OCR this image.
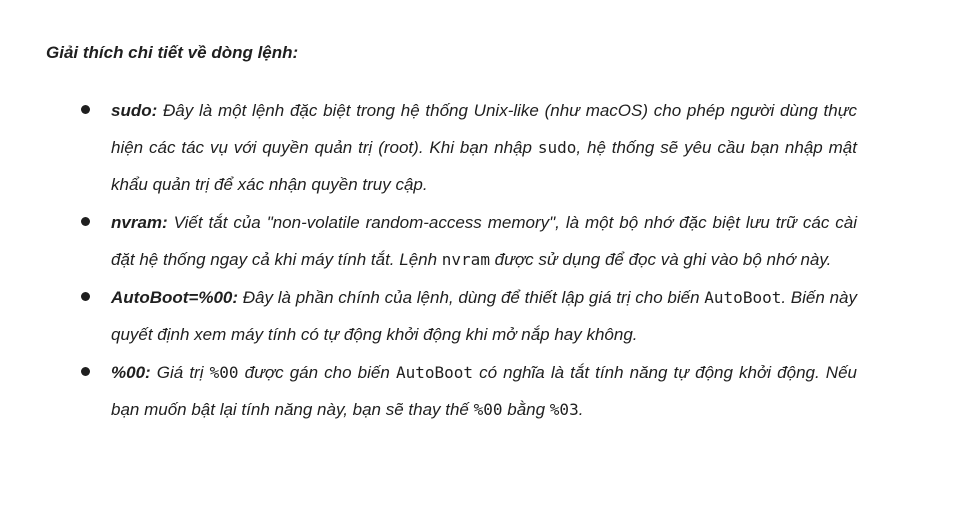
Giải thích chi tiết về dòng lệnh:

sudo: Đây là một lệnh đặc biệt trong hệ thống Unix-like (như macOS) cho phép người dùng thực hiện các tác vụ với quyền quản trị (root). Khi bạn nhập sudo, hệ thống sẽ yêu cầu bạn nhập mật khẩu quản trị để xác nhận quyền truy cập.

nvram: Viết tắt của "non-volatile random-access memory", là một bộ nhớ đặc biệt lưu trữ các cài đặt hệ thống ngay cả khi máy tính tắt. Lệnh nvram được sử dụng để đọc và ghi vào bộ nhớ này.

AutoBoot=%00: Đây là phần chính của lệnh, dùng để thiết lập giá trị cho biến AutoBoot. Biến này quyết định xem máy tính có tự động khởi động khi mở nắp hay không.

%00: Giá trị %00 được gán cho biến AutoBoot có nghĩa là tắt tính năng tự động khởi động. Nếu bạn muốn bật lại tính năng này, bạn sẽ thay thế %00 bằng %03.
